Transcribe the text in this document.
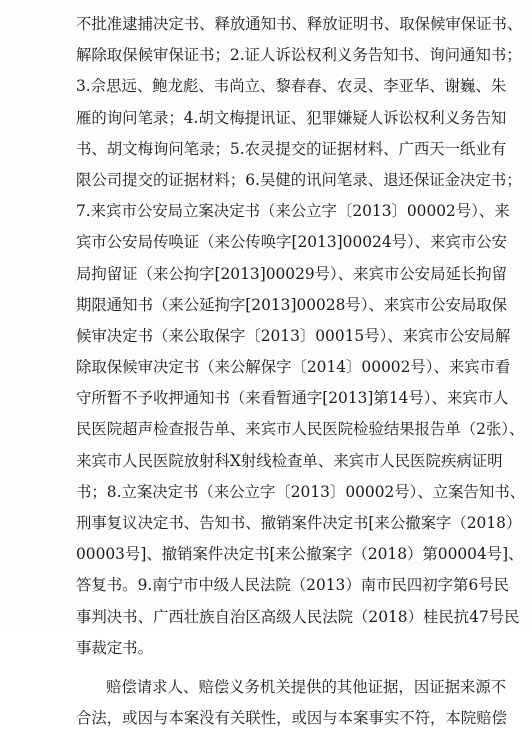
不批准逮捕决定书、释放通知书、释放证明书、取保候审保证书、
解除取保候审保证书；2.证人诉讼权利义务告知书、询问通知书；
3.佘思远、鲍龙彪、韦尚立、黎春春、农灵、李亚华、谢巍、朱
雁的询问笔录；4.胡文梅提讯证、犯罪嫌疑人诉讼权利义务告知
书、胡文梅询问笔录；5.农灵提交的证据材料、广西天一纸业有
限公司提交的证据材料；6.吴健的讯问笔录、退还保证金决定书；
7.来宾市公安局立案决定书（来公立字〔2013〕00002号）、来
宾市公安局传唤证（来公传唤字[2013]00024号）、来宾市公安
局拘留证（来公拘字[2013]00029号）、来宾市公安局延长拘留
期限通知书（来公延拘字[2013]00028号）、来宾市公安局取保
候审决定书（来公取保字〔2013〕00015号）、来宾市公安局解
除取保候审决定书（来公解保字〔2014〕00002号）、来宾市看
守所暂不予收押通知书（来看暂通字[2013]第14号）、来宾市人
民医院超声检查报告单、来宾市人民医院检验结果报告单（2张）、
来宾市人民医院放射科X射线检查单、来宾市人民医院疾病证明
书；8.立案决定书（来公立字〔2013〕00002号）、立案告知书、
刑事复议决定书、告知书、撤销案件决定书[来公撤案字（2018）
00003号]、撤销案件决定书[来公撤案字（2018）第00004号]、
答复书。9.南宁市中级人民法院（2013）南市民四初字第6号民
事判决书、广西壮族自治区高级人民法院（2018）桂民抗47号民
事裁定书。
赔偿请求人、赔偿义务机关提供的其他证据，因证据来源不
合法，或因与本案没有关联性，或因与本案事实不符，本院赔偿
